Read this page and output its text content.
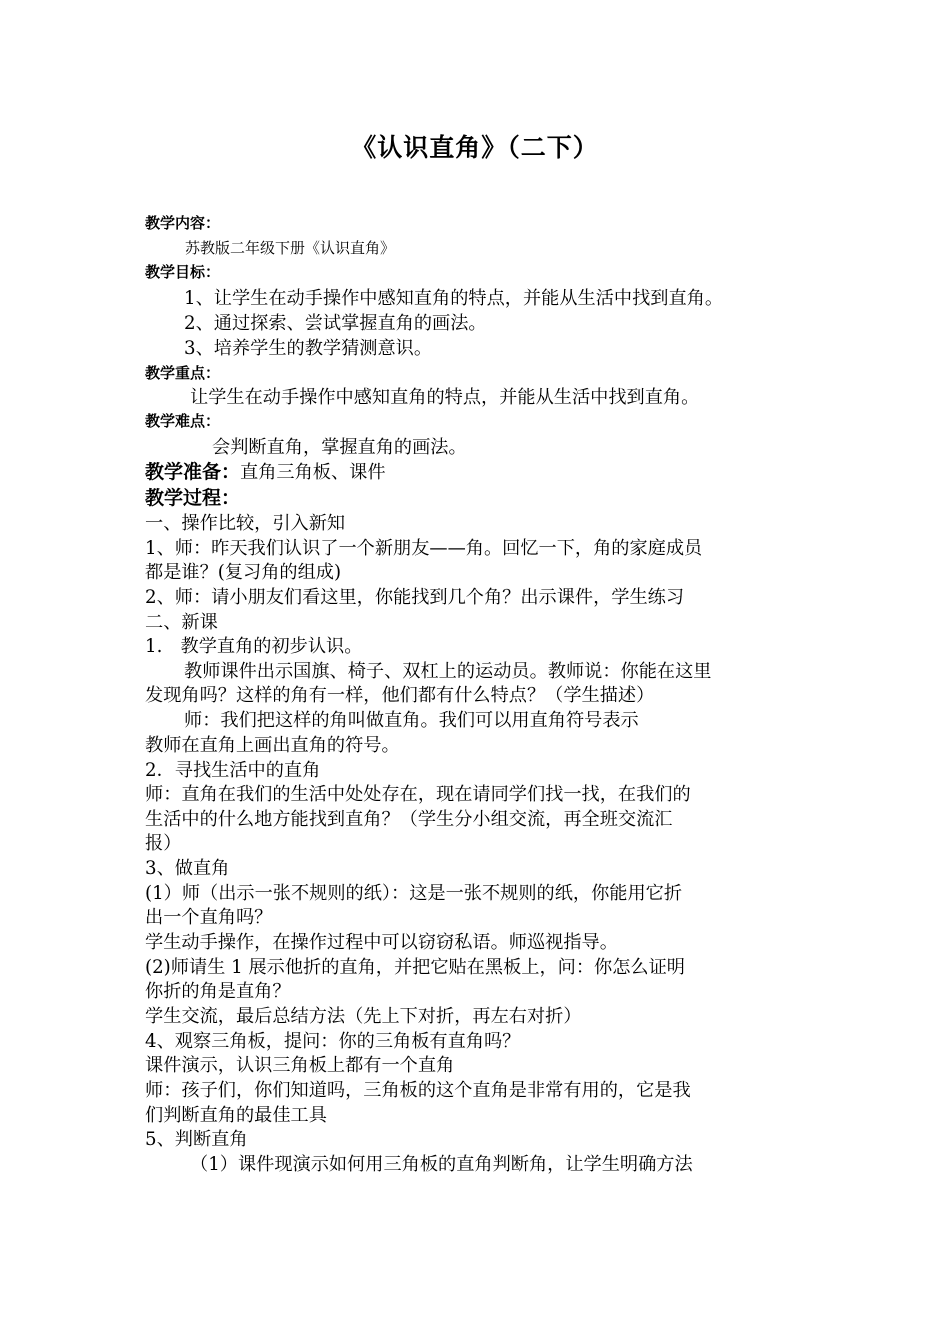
《认识直角》（二下）
教学内容：
苏教版二年级下册《认识直角》
教学目标：
1、让学生在动手操作中感知直角的特点，并能从生活中找到直角。
2、通过探索、尝试掌握直角的画法。
3、培养学生的教学猜测意识。
教学重点：
让学生在动手操作中感知直角的特点，并能从生活中找到直角。
教学难点：
会判断直角，掌握直角的画法。
教学准备：直角三角板、课件
教学过程：
一、操作比较，引入新知
1、师：昨天我们认识了一个新朋友——角。回忆一下，角的家庭成员
都是谁？(复习角的组成)
2、师：请小朋友们看这里，你能找到几个角？出示课件，学生练习
二、新课
1.　教学直角的初步认识。
教师课件出示国旗、椅子、双杠上的运动员。教师说：你能在这里
发现角吗？这样的角有一样，他们都有什么特点？（学生描述）
师：我们把这样的角叫做直角。我们可以用直角符号表示
教师在直角上画出直角的符号。
2．寻找生活中的直角
师：直角在我们的生活中处处存在，现在请同学们找一找，在我们的
生活中的什么地方能找到直角？（学生分小组交流，再全班交流汇
报）
3、做直角
(1）师（出示一张不规则的纸）：这是一张不规则的纸，你能用它折
出一个直角吗？
学生动手操作，在操作过程中可以窃窃私语。师巡视指导。
(2)师请生 1 展示他折的直角，并把它贴在黑板上，问：你怎么证明
你折的角是直角？
学生交流，最后总结方法（先上下对折，再左右对折）
4、观察三角板，提问：你的三角板有直角吗？
课件演示，认识三角板上都有一个直角
师：孩子们，你们知道吗，三角板的这个直角是非常有用的，它是我
们判断直角的最佳工具
5、判断直角
（1）课件现演示如何用三角板的直角判断角，让学生明确方法
